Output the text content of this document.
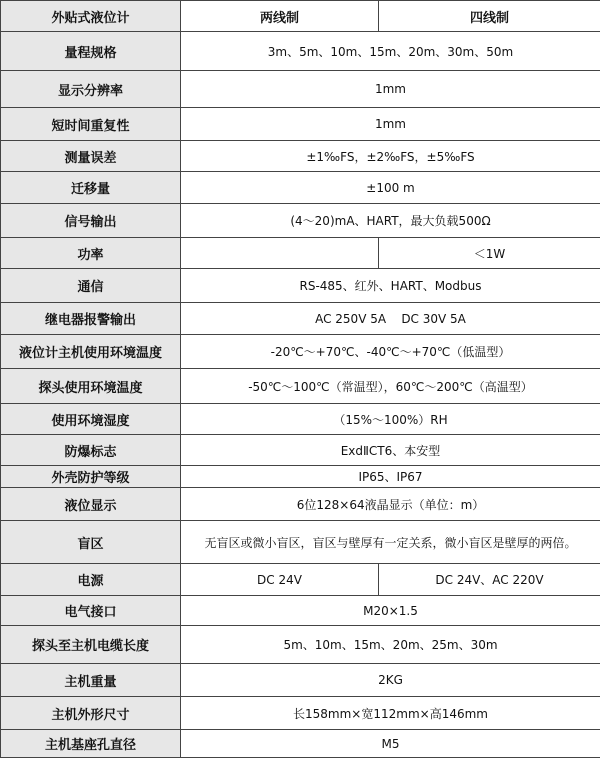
外贴式液位计	两线制	四线制
量程规格	3m、5m、10m、15m、20m、30m、50m	
显示分辨率	1mm	
短时间重复性	1mm	
测量误差	±1‰FS，±2‰FS，±5‰FS	
迁移量	±100 m	
信号输出	(4～20)mA、HART，最大负载500Ω	
功率		＜1W
通信	RS-485、红外、HART、Modbus	
继电器报警输出	AC 250V 5A    DC 30V 5A	
液位计主机使用环境温度	-20℃～+70℃、-40℃～+70℃（低温型）	
探头使用环境温度	-50℃～100℃（常温型），60℃～200℃（高温型）	
使用环境湿度	（15%～100%）RH	
防爆标志	ExdⅡCT6、本安型	
外壳防护等级	IP65、IP67	
液位显示	6位128×64液晶显示（单位：m）	
盲区	无盲区或微小盲区，盲区与壁厚有一定关系，微小盲区是壁厚的两倍。	
电源	DC 24V	DC 24V、AC 220V
电气接口	M20×1.5	
探头至主机电缆长度	5m、10m、15m、20m、25m、30m	
主机重量	2KG	
主机外形尺寸	长158mm×宽112mm×高146mm	
主机基座孔直径	M5	
